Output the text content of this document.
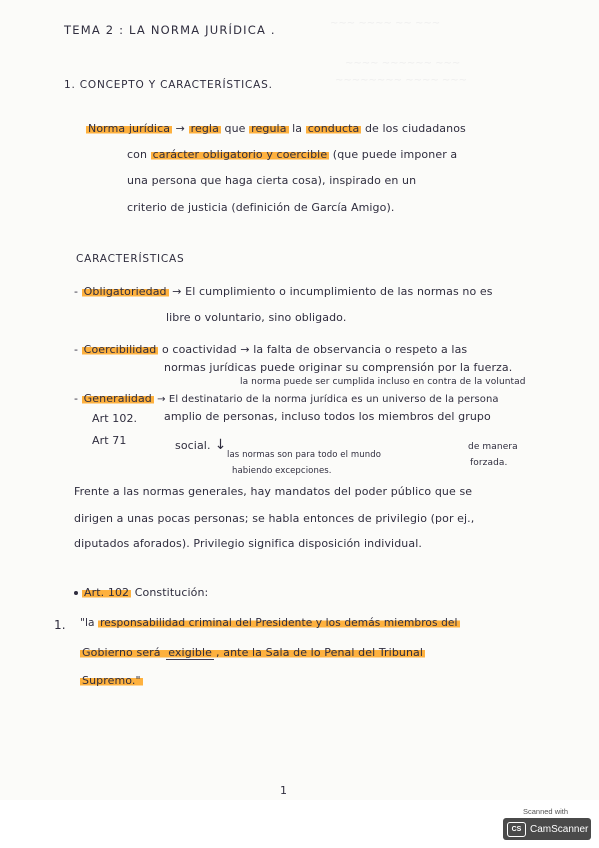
~~~ ~~~~ ~~ ~~~
~~~~ ~~~~~~ ~~~
~~~~~~~~ ~~~~ ~~~
TEMA 2 : LA NORMA JURÍDICA .
1. CONCEPTO Y CARACTERÍSTICAS.
Norma jurídica → regla que regula la conducta de los ciudadanos
con carácter obligatorio y coercible (que puede imponer a
una persona que haga cierta cosa), inspirado en un
criterio de justicia (definición de García Amigo).
CARACTERÍSTICAS
- Obligatoriedad → El cumplimiento o incumplimiento de las normas no es
libre o voluntario, sino obligado.
- Coercibilidad o coactividad → la falta de observancia o respeto a las
normas jurídicas puede originar su comprensión por la fuerza.
la norma puede ser cumplida incluso en contra de la voluntad
- Generalidad → El destinatario de la norma jurídica es un universo de la persona
Art 102.
Art 71
amplio de personas, incluso todos los miembros del grupo
social. ↓
las normas son para todo el mundo
habiendo excepciones.
de manera
forzada.
Frente a las normas generales, hay mandatos del poder público que se
dirigen a unas pocas personas; se habla entonces de privilegio (por ej.,
diputados aforados). Privilegio significa disposición individual.
Art. 102 Constitución:
1. "la responsabilidad criminal del Presidente y los demás miembros del
Gobierno será exigible , ante la Sala de lo Penal del Tribunal
Supremo."
1
Scanned with
CS CamScanner
